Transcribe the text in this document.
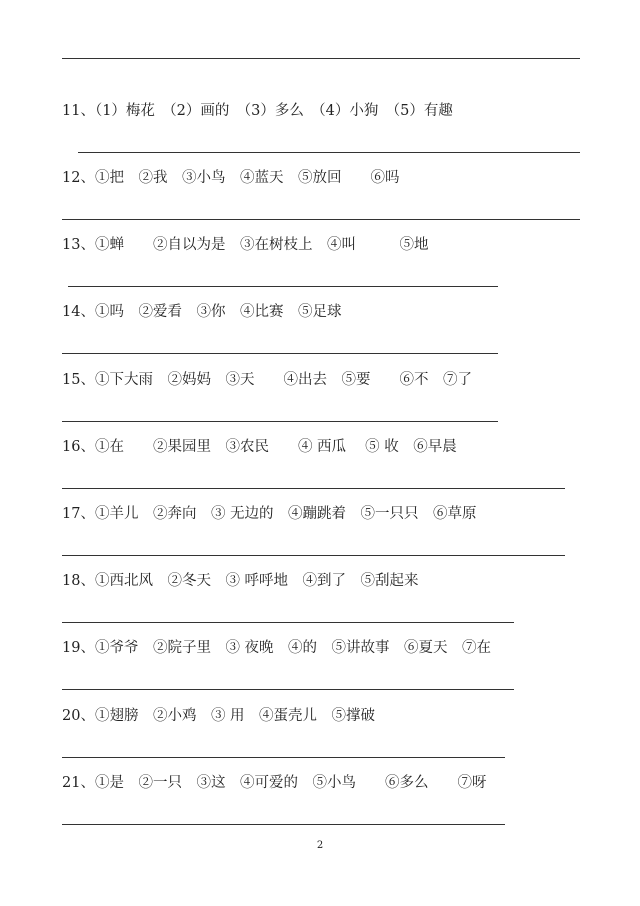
11、（1）梅花　（2）画的　（3）多么　（4）小狗　（5）有趣
12、①把　②我　③小鸟　④蓝天　⑤放回　　⑥吗
13、①蝉　　②自以为是　③在树枝上　④叫　　　⑤地
14、①吗　②爱看　③你　④比赛　⑤足球
15、①下大雨　②妈妈　③天　　④出去　⑤要　　⑥不　⑦了
16、①在　　②果园里　③农民　　④ 西瓜　 ⑤ 收　⑥早晨
17、①羊儿　②奔向　③ 无边的　④蹦跳着　⑤一只只　⑥草原
18、①西北风　②冬天　③ 呼呼地　④到了　⑤刮起来
19、①爷爷　②院子里　③ 夜晚　④的　⑤讲故事　⑥夏天　⑦在
20、①翅膀　②小鸡　③ 用　④蛋壳儿　⑤撑破
21、①是　②一只　③这　④可爱的　⑤小鸟　　⑥多么　　⑦呀
2
